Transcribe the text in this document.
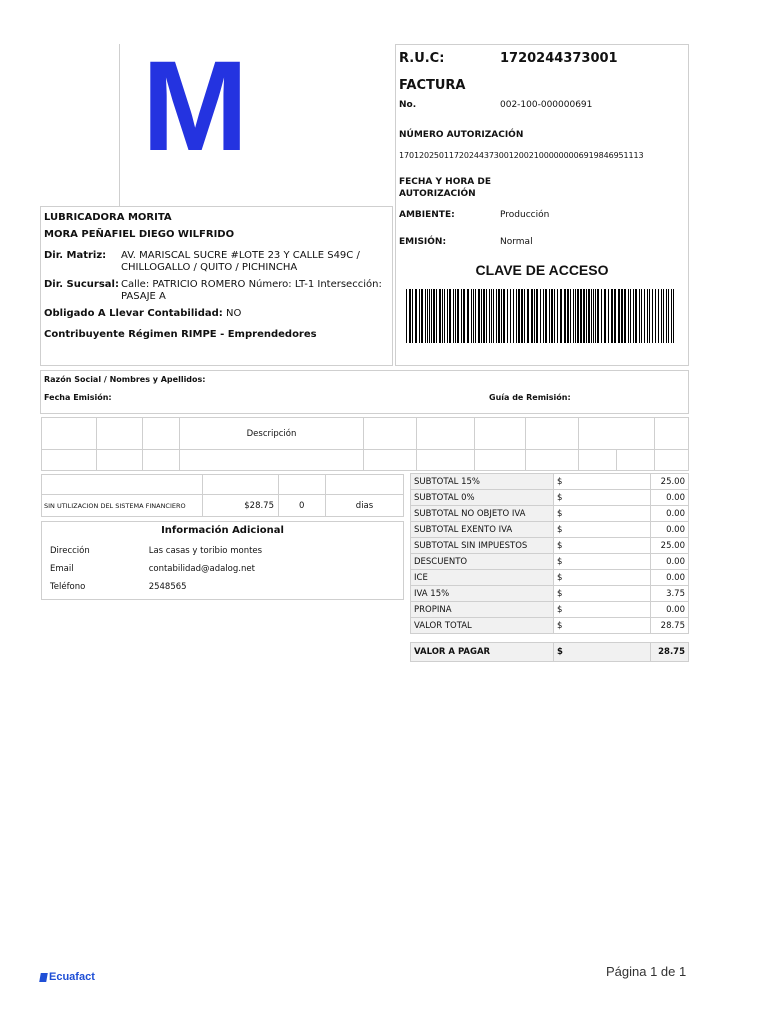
M
LUBRICADORA MORITA
MORA PEÑAFIEL DIEGO WILFRIDO
Dir. Matriz: AV. MARISCAL SUCRE #LOTE 23 Y CALLE S49C /
CHILLOGALLO / QUITO / PICHINCHA
Dir. Sucursal: Calle: PATRICIO ROMERO Número: LT-1 Intersección:
PASAJE A
Obligado A Llevar Contabilidad: NO
Contribuyente Régimen RIMPE - Emprendedores
R.U.C:	1720244373001
FACTURA
No.	002-100-000000691
NÚMERO AUTORIZACIÓN
1701202501172024437300120021000000006919846951113
FECHA Y HORA DE AUTORIZACIÓN
AMBIENTE:	Producción
EMISIÓN:	Normal
CLAVE DE ACCESO
Razón Social / Nombres y Apellidos:
Fecha Emisión:	Guía de Remisión:
			Descripción						

SIN UTILIZACION DEL SISTEMA FINANCIERO	$28.75	0	dias
Información Adicional
Dirección	Las casas y toribio montes
Email	contabilidad@adalog.net
Teléfono	2548565
SUBTOTAL 15%	$	25.00
SUBTOTAL 0%	$	0.00
SUBTOTAL NO OBJETO IVA	$	0.00
SUBTOTAL EXENTO IVA	$	0.00
SUBTOTAL SIN IMPUESTOS	$	25.00
DESCUENTO	$	0.00
ICE	$	0.00
IVA 15%	$	3.75
PROPINA	$	0.00
VALOR TOTAL	$	28.75
VALOR A PAGAR	$	28.75
Ecuafact	Página 1 de 1
